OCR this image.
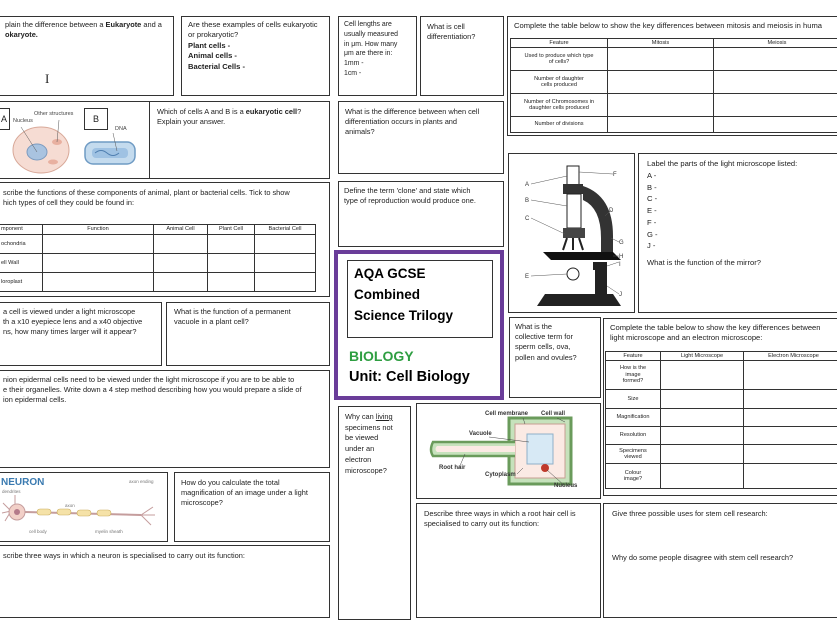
plain the difference between a Eukaryote and a
okaryote.
I
Are these examples of cells eukaryotic
or prokaryotic?
Plant cells -
Animal cells -
Bacterial Cells -
Cell lengths are
usually measured
in μm. How many
μm are there in:
1mm -
1cm -
What is cell
differentiation?
Complete the table below to show the key differences between mitosis and meiosis in huma
Feature	Mitosis	Meiosis
Used to produce which type
of cells?		
Number of daughter
cells produced		
Number of Chromosomes in
daughter cells produced		
Number of divisions		
A	B
Nucleus
Other structures
DNA
Which of cells A and B is a eukaryotic cell?
Explain your answer.
What is the difference between when cell
differentiation occurs in plants and
animals?
A
B
C
D
E
F
G
H
I
J
Label the parts of the light microscope listed:
A -
B -
C -
E -
F -
G -
J -
What is the function of the mirror?
scribe the functions of these components of animal, plant or bacterial cells. Tick to show
hich types of cell they could be found in:
mponent	Function	Animal Cell	Plant Cell	Bacterial Cell
ochondria				
ell Wall				
loroplast				
Define the term 'clone' and state which
type of reproduction would produce one.
AQA GCSE
Combined
Science Trilogy
BIOLOGY
Unit: Cell Biology
What is the
collective term for
sperm cells, ova,
pollen and ovules?
Complete the table below to show the key differences between
light microscope and an electron microscope:
Feature	Light Microscope	Electron Microscope
How is the
image
formed?		
Size		
Magnification		
Resolution		
Specimens
viewed		
Colour
image?		
a cell is viewed under a light microscope
th a x10 eyepiece lens and a x40 objective
ns, how many times larger will it appear?
What is the function of a permanent
vacuole in a plant cell?
nion epidermal cells need to be viewed under the light microscope if you are to be able to
e their organelles. Write down a 4 step method describing how you would prepare a slide of
ion epidermal cells.
Why can living
specimens not
be viewed
under an
electron
microscope?
Cell membrane Cell wall
Vacuole
Root hair
Cytoplasm
Nucleus
NEURON
dendrites
axon
cell body	myelin sheath
axon ending	How do you calculate the total
magnification of an image under a light
microscope?
scribe three ways in which a neuron is specialised to carry out its function:
Describe three ways in which a root hair cell is
specialised to carry out its function:
Give three possible uses for stem cell research:
Why do some people disagree with stem cell research?
